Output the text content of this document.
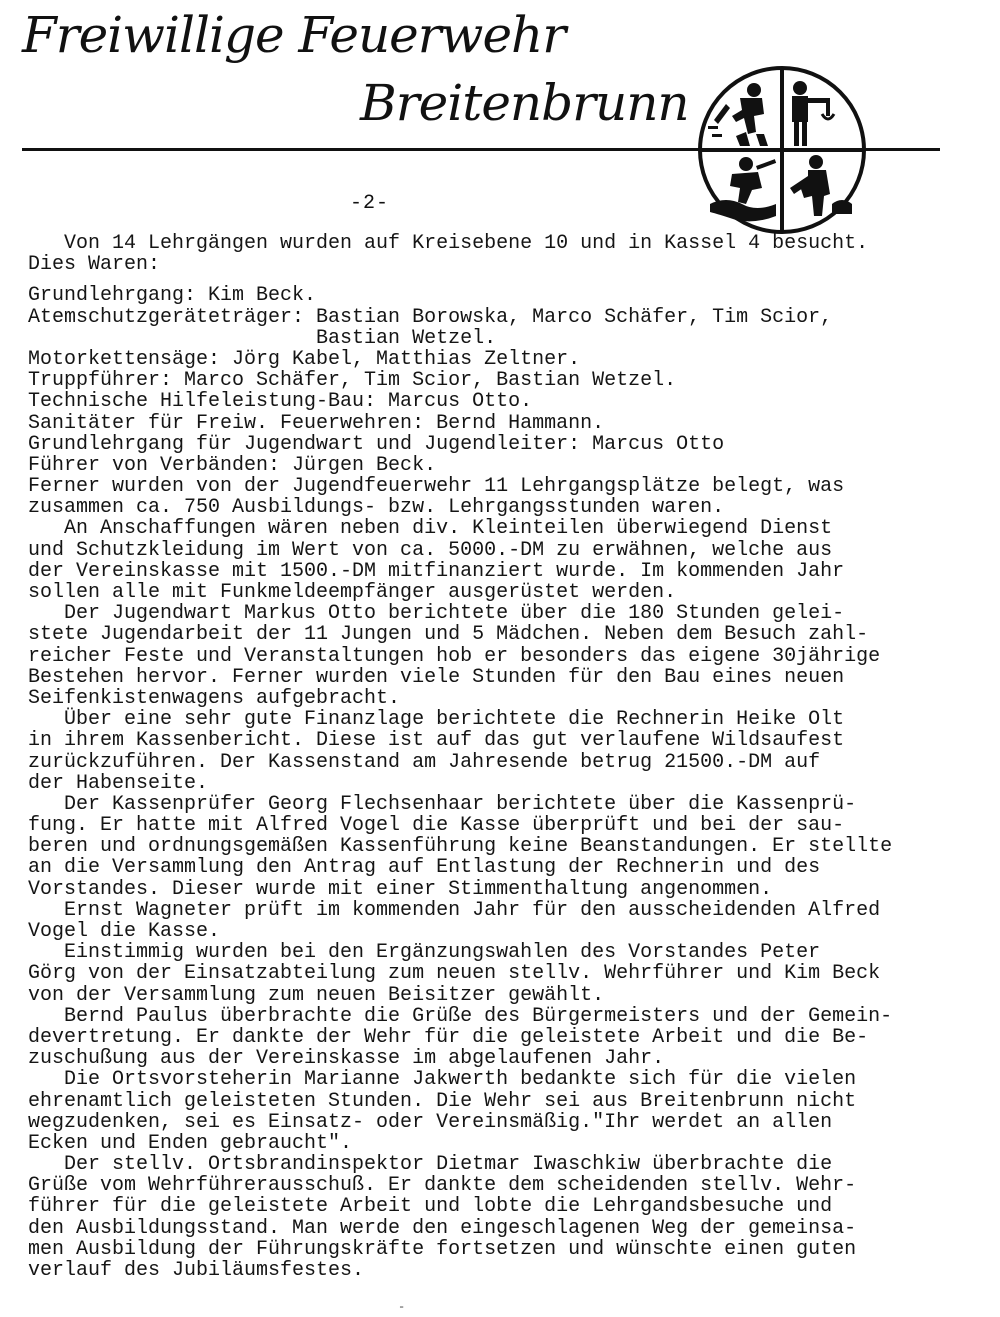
Freiwillige Feuerwehr
Breitenbrunn
-2-
Von 14 Lehrgängen wurden auf Kreisebene 10 und in Kassel 4 besucht.
Dies Waren:
Grundlehrgang: Kim Beck.
Atemschutzgeräteträger: Bastian Borowska, Marco Schäfer, Tim Scior,
Bastian Wetzel.
Motorkettensäge: Jörg Kabel, Matthias Zeltner.
Truppführer: Marco Schäfer, Tim Scior, Bastian Wetzel.
Technische Hilfeleistung-Bau: Marcus Otto.
Sanitäter für Freiw. Feuerwehren: Bernd Hammann.
Grundlehrgang für Jugendwart und Jugendleiter: Marcus Otto
Führer von Verbänden: Jürgen Beck.
Ferner wurden von der Jugendfeuerwehr 11 Lehrgangsplätze belegt, was
zusammen ca. 750 Ausbildungs- bzw. Lehrgangsstunden waren.
An Anschaffungen wären neben div. Kleinteilen überwiegend Dienst
und Schutzkleidung im Wert von ca. 5000.-DM zu erwähnen, welche aus
der Vereinskasse mit 1500.-DM mitfinanziert wurde. Im kommenden Jahr
sollen alle mit Funkmeldeempfänger ausgerüstet werden.
Der Jugendwart Markus Otto berichtete über die 180 Stunden gelei-
stete Jugendarbeit der 11 Jungen und 5 Mädchen. Neben dem Besuch zahl-
reicher Feste und Veranstaltungen hob er besonders das eigene 30jährige
Bestehen hervor. Ferner wurden viele Stunden für den Bau eines neuen
Seifenkistenwagens aufgebracht.
Über eine sehr gute Finanzlage berichtete die Rechnerin Heike Olt
in ihrem Kassenbericht. Diese ist auf das gut verlaufene Wildsaufest
zurückzuführen. Der Kassenstand am Jahresende betrug 21500.-DM auf
der Habenseite.
Der Kassenprüfer Georg Flechsenhaar berichtete über die Kassenprü-
fung. Er hatte mit Alfred Vogel die Kasse überprüft und bei der sau-
beren und ordnungsgemäßen Kassenführung keine Beanstandungen. Er stellte
an die Versammlung den Antrag auf Entlastung der Rechnerin und des
Vorstandes. Dieser wurde mit einer Stimmenthaltung angenommen.
Ernst Wagneter prüft im kommenden Jahr für den ausscheidenden Alfred
Vogel die Kasse.
Einstimmig wurden bei den Ergänzungswahlen des Vorstandes Peter
Görg von der Einsatzabteilung zum neuen stellv. Wehrführer und Kim Beck
von der Versammlung zum neuen Beisitzer gewählt.
Bernd Paulus überbrachte die Grüße des Bürgermeisters und der Gemein-
devertretung. Er dankte der Wehr für die geleistete Arbeit und die Be-
zuschußung aus der Vereinskasse im abgelaufenen Jahr.
Die Ortsvorsteherin Marianne Jakwerth bedankte sich für die vielen
ehrenamtlich geleisteten Stunden. Die Wehr sei aus Breitenbrunn nicht
wegzudenken, sei es Einsatz- oder Vereinsmäßig."Ihr werdet an allen
Ecken und Enden gebraucht".
Der stellv. Ortsbrandinspektor Dietmar Iwaschkiw überbrachte die
Grüße vom Wehrführerausschuß. Er dankte dem scheidenden stellv. Wehr-
führer für die geleistete Arbeit und lobte die Lehrgandsbesuche und
den Ausbildungsstand. Man werde den eingeschlagenen Weg der gemeinsa-
men Ausbildung der Führungskräfte fortsetzen und wünschte einen guten
verlauf des Jubiläumsfestes.
-
